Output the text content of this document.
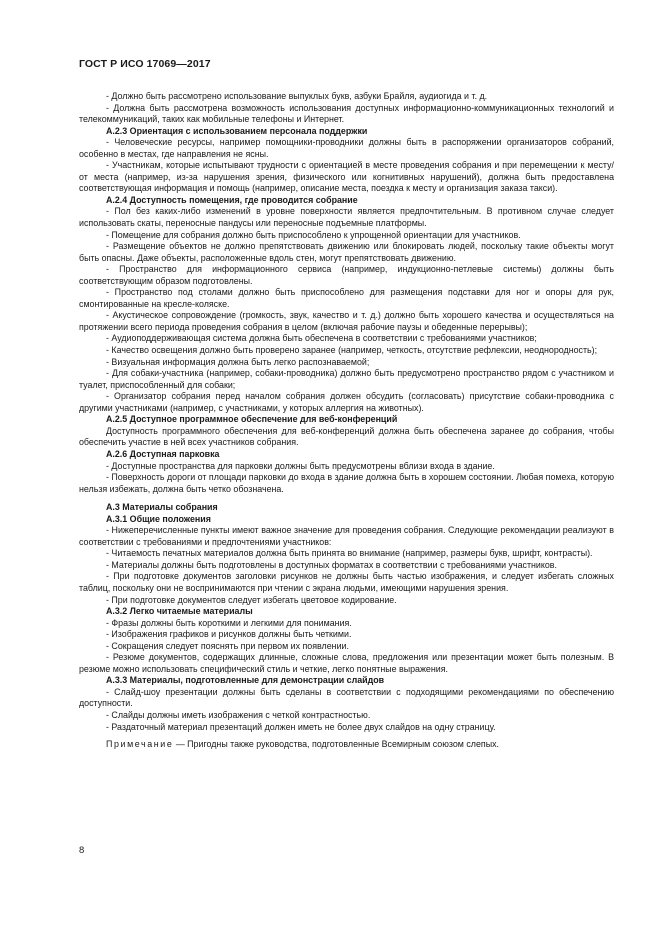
ГОСТ Р ИСО 17069—2017

- Должно быть рассмотрено использование выпуклых букв, азбуки Брайля, аудиогида и т. д.

- Должна быть рассмотрена возможность использования доступных информационно-коммуникационных технологий и телекоммуникаций, таких как мобильные телефоны и Интернет.

А.2.3 Ориентация с использованием персонала поддержки

- Человеческие ресурсы, например помощники-проводники должны быть в распоряжении организаторов собраний, особенно в местах, где направления не ясны.

- Участникам, которые испытывают трудности с ориентацией в месте проведения собрания и при перемещении к месту/от места (например, из-за нарушения зрения, физического или когнитивных нарушений), должна быть предоставлена соответствующая информация и помощь (например, описание места, поездка к месту и организация заказа такси).

А.2.4 Доступность помещения, где проводится собрание

- Пол без каких-либо изменений в уровне поверхности является предпочтительным. В противном случае следует использовать скаты, переносные пандусы или переносные подъемные платформы.

- Помещение для собрания должно быть приспособлено к упрощенной ориентации для участников.

- Размещение объектов не должно препятствовать движению или блокировать людей, поскольку такие объекты могут быть опасны. Даже объекты, расположенные вдоль стен, могут препятствовать движению.

- Пространство для информационного сервиса (например, индукционно-петлевые системы) должны быть соответствующим образом подготовлены.

- Пространство под столами должно быть приспособлено для размещения подставки для ног и опоры для рук, смонтированные на кресле-коляске.

- Акустическое сопровождение (громкость, звук, качество и т. д.) должно быть хорошего качества и осуществляться на протяжении всего периода проведения собрания в целом (включая рабочие паузы и обеденные перерывы);

- Аудиоподдерживающая система должна быть обеспечена в соответствии с требованиями участников;

- Качество освещения должно быть проверено заранее (например, четкость, отсутствие рефлексии, неоднородность);

- Визуальная информация должна быть легко распознаваемой;

- Для собаки-участника (например, собаки-проводника) должно быть предусмотрено пространство рядом с участником и туалет, приспособленный для собаки;

- Организатор собрания перед началом собрания должен обсудить (согласовать) присутствие собаки-проводника с другими участниками (например, с участниками, у которых аллергия на животных).

А.2.5 Доступное программное обеспечение для веб-конференций

Доступность программного обеспечения для веб-конференций должна быть обеспечена заранее до собрания, чтобы обеспечить участие в ней всех участников собрания.

А.2.6 Доступная парковка

- Доступные пространства для парковки должны быть предусмотрены вблизи входа в здание.

- Поверхность дороги от площади парковки до входа в здание должна быть в хорошем состоянии. Любая помеха, которую нельзя избежать, должна быть четко обозначена.

А.3 Материалы собрания

А.3.1 Общие положения

- Нижеперечисленные пункты имеют важное значение для проведения собрания. Следующие рекомендации реализуют в соответствии с требованиями и предпочтениями участников:

- Читаемость печатных материалов должна быть принята во внимание (например, размеры букв, шрифт, контрасты).

- Материалы должны быть подготовлены в доступных форматах в соответствии с требованиями участников.

- При подготовке документов заголовки рисунков не должны быть частью изображения, и следует избегать сложных таблиц, поскольку они не воспринимаются при чтении с экрана людьми, имеющими нарушения зрения.

- При подготовке документов следует избегать цветовое кодирование.

А.3.2 Легко читаемые материалы

- Фразы должны быть короткими и легкими для понимания.

- Изображения графиков и рисунков должны быть четкими.

- Сокращения следует пояснять при первом их появлении.

- Резюме документов, содержащих длинные, сложные слова, предложения или презентации может быть полезным. В резюме можно использовать специфический стиль и четкие, легко понятные выражения.

А.3.3 Материалы, подготовленные для демонстрации слайдов

- Слайд-шоу презентации должны быть сделаны в соответствии с подходящими рекомендациями по обеспечению доступности.

- Слайды должны иметь изображения с четкой контрастностью.

- Раздаточный материал презентаций должен иметь не более двух слайдов на одну страницу.

Примечание — Пригодны также руководства, подготовленные Всемирным союзом слепых.

8
